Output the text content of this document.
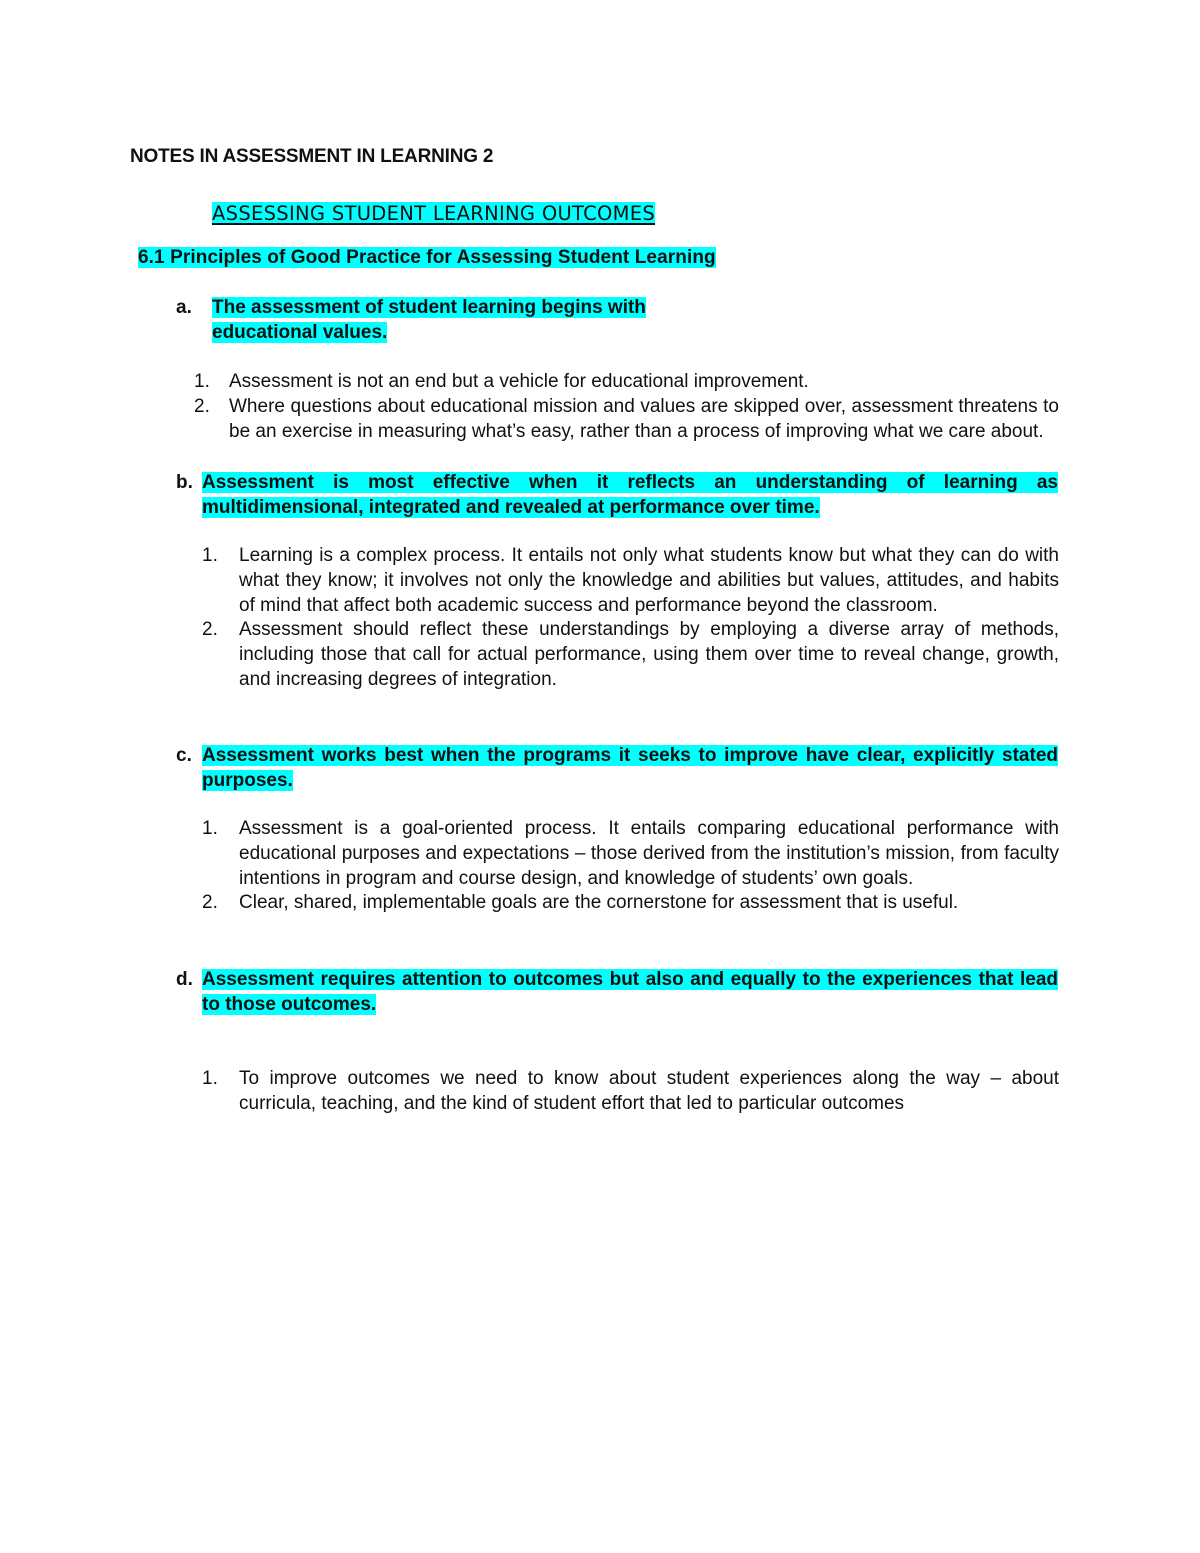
NOTES IN ASSESSMENT IN LEARNING 2
ASSESSING STUDENT LEARNING OUTCOMES
6.1 Principles of Good Practice for Assessing Student Learning
a. The assessment of student learning begins with educational values.
1. Assessment is not an end but a vehicle for educational improvement.
2. Where questions about educational mission and values are skipped over, assessment threatens to be an exercise in measuring what’s easy, rather than a process of improving what we care about.
b. Assessment is most effective when it reflects an understanding of learning as multidimensional, integrated and revealed at performance over time.
1. Learning is a complex process. It entails not only what students know but what they can do with what they know; it involves not only the knowledge and abilities but values, attitudes, and habits of mind that affect both academic success and performance beyond the classroom.
2. Assessment should reflect these understandings by employing a diverse array of methods, including those that call for actual performance, using them over time to reveal change, growth, and increasing degrees of integration.
c. Assessment works best when the programs it seeks to improve have clear, explicitly stated purposes.
1. Assessment is a goal-oriented process. It entails comparing educational performance with educational purposes and expectations – those derived from the institution’s mission, from faculty intentions in program and course design, and knowledge of students’ own goals.
2. Clear, shared, implementable goals are the cornerstone for assessment that is useful.
d. Assessment requires attention to outcomes but also and equally to the experiences that lead to those outcomes.
1. To improve outcomes we need to know about student experiences along the way – about curricula, teaching, and the kind of student effort that led to particular outcomes
